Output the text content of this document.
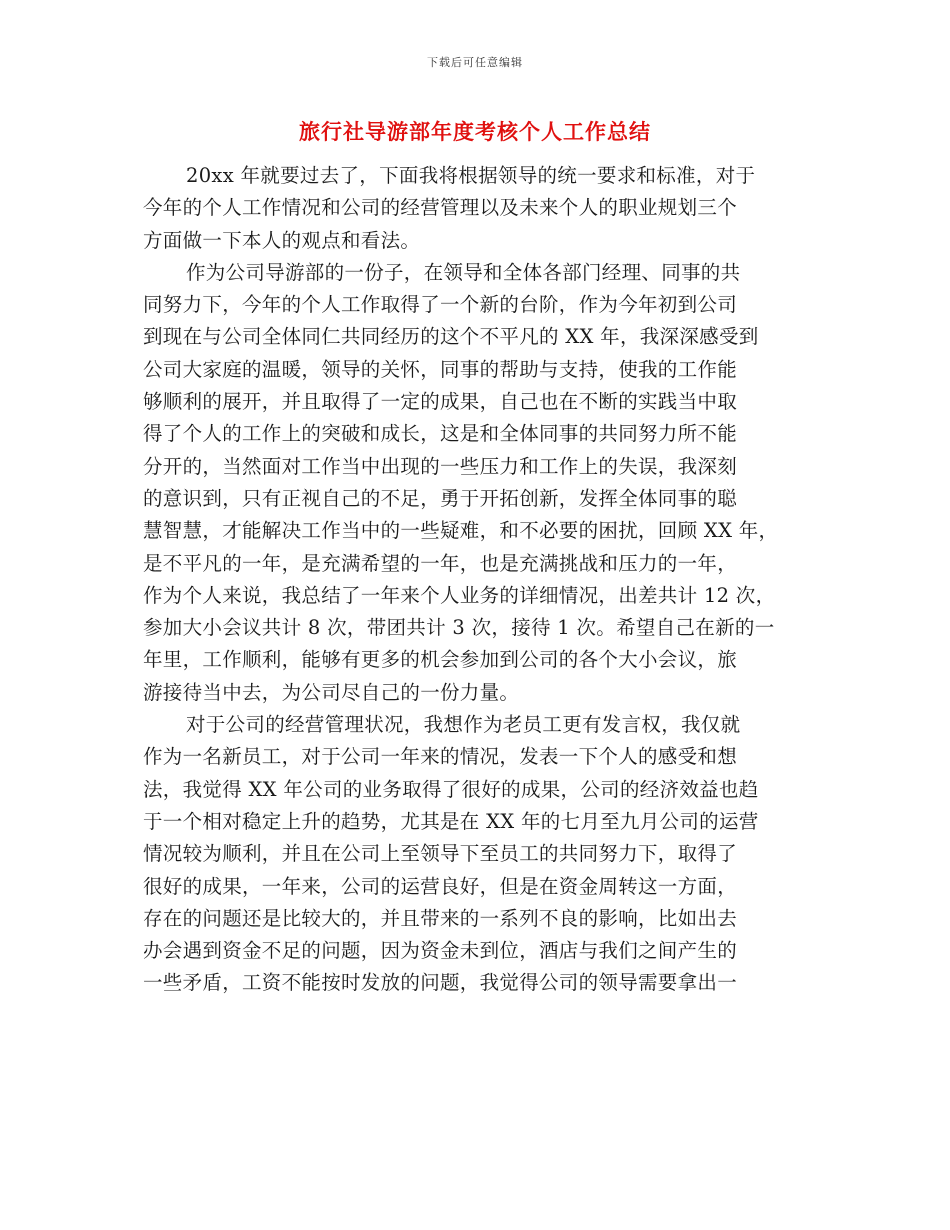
下载后可任意编辑
旅行社导游部年度考核个人工作总结
20xx 年就要过去了，下面我将根据领导的统一要求和标准，对于
今年的个人工作情况和公司的经营管理以及未来个人的职业规划三个
方面做一下本人的观点和看法。
作为公司导游部的一份子，在领导和全体各部门经理、同事的共
同努力下，今年的个人工作取得了一个新的台阶，作为今年初到公司
到现在与公司全体同仁共同经历的这个不平凡的 XX 年，我深深感受到
公司大家庭的温暖，领导的关怀，同事的帮助与支持，使我的工作能
够顺利的展开，并且取得了一定的成果，自己也在不断的实践当中取
得了个人的工作上的突破和成长，这是和全体同事的共同努力所不能
分开的，当然面对工作当中出现的一些压力和工作上的失误，我深刻
的意识到，只有正视自己的不足，勇于开拓创新，发挥全体同事的聪
慧智慧，才能解决工作当中的一些疑难，和不必要的困扰，回顾 XX 年，
是不平凡的一年，是充满希望的一年，也是充满挑战和压力的一年，
作为个人来说，我总结了一年来个人业务的详细情况，出差共计 12 次，
参加大小会议共计 8 次，带团共计 3 次，接待 1 次。希望自己在新的一
年里，工作顺利，能够有更多的机会参加到公司的各个大小会议，旅
游接待当中去，为公司尽自己的一份力量。
对于公司的经营管理状况，我想作为老员工更有发言权，我仅就
作为一名新员工，对于公司一年来的情况，发表一下个人的感受和想
法，我觉得 XX 年公司的业务取得了很好的成果，公司的经济效益也趋
于一个相对稳定上升的趋势，尤其是在 XX 年的七月至九月公司的运营
情况较为顺利，并且在公司上至领导下至员工的共同努力下，取得了
很好的成果，一年来，公司的运营良好，但是在资金周转这一方面，
存在的问题还是比较大的，并且带来的一系列不良的影响，比如出去
办会遇到资金不足的问题，因为资金未到位，酒店与我们之间产生的
一些矛盾，工资不能按时发放的问题，我觉得公司的领导需要拿出一
